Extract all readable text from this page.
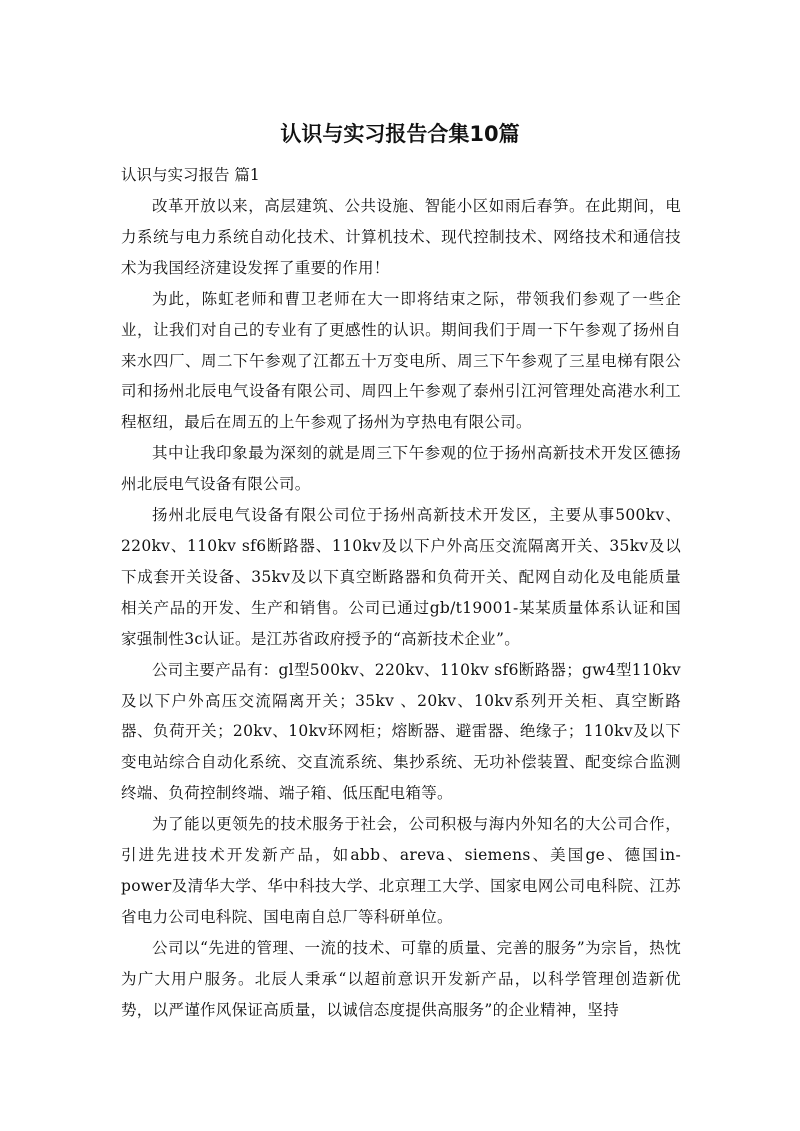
认识与实习报告合集10篇
认识与实习报告 篇1

改革开放以来，高层建筑、公共设施、智能小区如雨后春笋。在此期间，电力系统与电力系统自动化技术、计算机技术、现代控制技术、网络技术和通信技术为我国经济建设发挥了重要的作用！

为此，陈虹老师和曹卫老师在大一即将结束之际，带领我们参观了一些企业，让我们对自己的专业有了更感性的认识。期间我们于周一下午参观了扬州自来水四厂、周二下午参观了江都五十万变电所、周三下午参观了三星电梯有限公司和扬州北辰电气设备有限公司、周四上午参观了泰州引江河管理处高港水利工程枢纽，最后在周五的上午参观了扬州为亨热电有限公司。

其中让我印象最为深刻的就是周三下午参观的位于扬州高新技术开发区德扬州北辰电气设备有限公司。

扬州北辰电气设备有限公司位于扬州高新技术开发区，主要从事500kv、220kv、110kv sf6断路器、110kv及以下户外高压交流隔离开关、35kv及以下成套开关设备、35kv及以下真空断路器和负荷开关、配网自动化及电能质量相关产品的开发、生产和销售。公司已通过gb/t19001-某某质量体系认证和国家强制性3c认证。是江苏省政府授予的“高新技术企业”。

公司主要产品有：gl型500kv、220kv、110kv sf6断路器；gw4型110kv及以下户外高压交流隔离开关；35kv 、20kv、10kv系列开关柜、真空断路器、负荷开关；20kv、10kv环网柜；熔断器、避雷器、绝缘子；110kv及以下变电站综合自动化系统、交直流系统、集抄系统、无功补偿装置、配变综合监测终端、负荷控制终端、端子箱、低压配电箱等。

为了能以更领先的技术服务于社会，公司积极与海内外知名的大公司合作，引进先进技术开发新产品，如abb、areva、siemens、美国ge、德国in-power及清华大学、华中科技大学、北京理工大学、国家电网公司电科院、江苏省电力公司电科院、国电南自总厂等科研单位。

公司以“先进的管理、一流的技术、可靠的质量、完善的服务”为宗旨，热忱为广大用户服务。北辰人秉承“以超前意识开发新产品，以科学管理创造新优势，以严谨作风保证高质量，以诚信态度提供高服务”的企业精神，坚持
